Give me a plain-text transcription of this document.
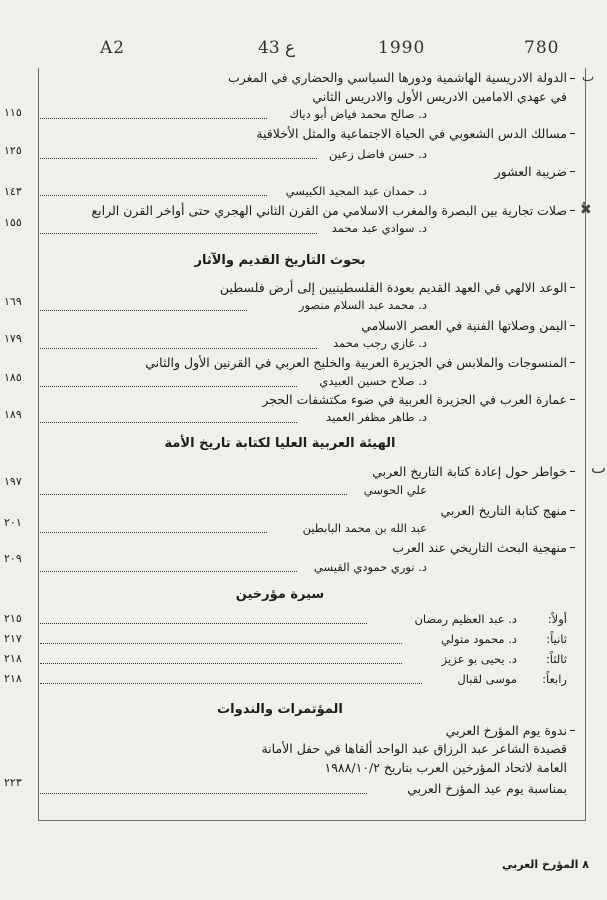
780
1990
43 ع
A2
ٮ
ٌ✖
ٮ
الدولة الادريسية الهاشمية ودورها السياسي والحضاري في المغرب
في عهدي الامامين الادريس الأول والادريس الثاني
د. صالح محمد فياض أبو دياك
١١٥
مسالك الدس الشعوبي في الحياة الاجتماعية والمثل الأخلاقية
د. حسن فاضل زعين
١٢٥
ضريبة العشور
د. حمدان عبد المجيد الكبيسي
١٤٣
صلات تجارية بين البصرة والمغرب الاسلامي من القرن الثاني الهجري حتى أواخر القرن الرابع
د. سوادي عبد محمد
١٥٥
بحوث التاريخ القديم والآثار
الوعد الالهي في العهد القديم بعودة الفلسطينيين إلى أرض فلسطين
د. محمد عبد السلام منصور
١٦٩
اليمن وصلاتها الفنية في العصر الاسلامي
د. غازي رجب محمد
١٧٩
المنسوجات والملابس في الجزيرة العربية والخليج العربي في القرنين الأول والثاني
د. صلاح حسين العبيدي
١٨٥
عمارة العرب في الجزيرة العربية في ضوء مكتشفات الحجر
د. طاهر مظفر العميد
١٨٩
الهيئة العربية العليا لكتابة تاريخ الأمة
خواطر حول إعادة كتابة التاريخ العربي
علي الحوسي
١٩٧
منهج كتابة التاريخ العربي
عبد الله بن محمد البابطين
٢٠١
منهجية البحث التاريخي عند العرب
د. نوري حمودي القيسي
٢٠٩
سيرة مؤرخين
أولاً:
د. عبد العظيم رمضان
٢١٥
ثانياً:
د. محمود متولي
٢١٧
ثالثاً:
د. يحيى بو عزيز
٢١٨
رابعاً:
موسى لقبال
٢١٨
المؤتمرات والندوات
ندوة يوم المؤرخ العربي
قصيدة الشاعر عبد الرزاق عبد الواحد ألقاها في حفل الأمانة
العامة لاتحاد المؤرخين العرب بتاريخ ١٩٨٨/١٠/٢
بمناسبة يوم عيد المؤرخ العربي
٢٢٣
٨ المؤرخ العربي
